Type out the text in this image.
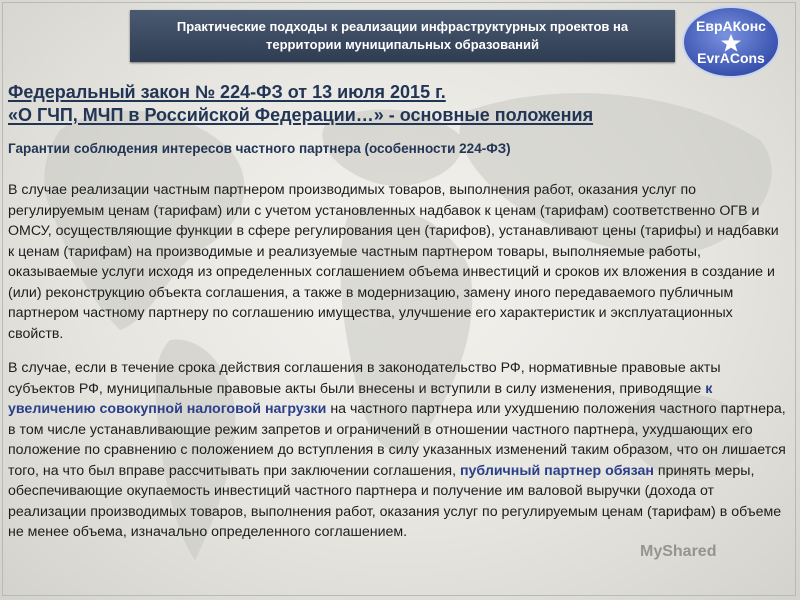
Практические подходы к реализации инфраструктурных проектов на территории муниципальных образований
ЕврАКонс
EvrACons
Федеральный закон № 224-ФЗ от 13 июля 2015 г.
«О ГЧП, МЧП в Российской Федерации…» - основные положения
Гарантии соблюдения интересов частного партнера (особенности 224-ФЗ)

В случае реализации частным партнером производимых товаров, выполнения работ, оказания услуг по регулируемым ценам (тарифам) или с учетом установленных надбавок к ценам (тарифам) соответственно ОГВ и ОМСУ, осуществляющие функции в сфере регулирования цен (тарифов), устанавливают цены (тарифы) и надбавки к ценам (тарифам) на производимые и реализуемые частным партнером товары, выполняемые работы, оказываемые услуги исходя из определенных соглашением объема инвестиций и сроков их вложения в создание и (или) реконструкцию объекта соглашения, а также в модернизацию, замену иного передаваемого публичным партнером частному партнеру по соглашению имущества, улучшение его характеристик и эксплуатационных свойств.

В случае, если в течение срока действия соглашения в законодательство РФ, нормативные правовые акты субъектов РФ, муниципальные правовые акты были внесены и вступили в силу изменения, приводящие к увеличению совокупной налоговой нагрузки на частного партнера или ухудшению положения частного партнера, в том числе устанавливающие режим запретов и ограничений в отношении частного партнера, ухудшающих его положение по сравнению с положением до вступления в силу указанных изменений таким образом, что он лишается того, на что был вправе рассчитывать при заключении соглашения, публичный партнер обязан принять меры, обеспечивающие окупаемость инвестиций частного партнера и получение им валовой выручки (дохода от реализации производимых товаров, выполнения работ, оказания услуг по регулируемым ценам (тарифам) в объеме не менее объема, изначально определенного соглашением.

MyShared
